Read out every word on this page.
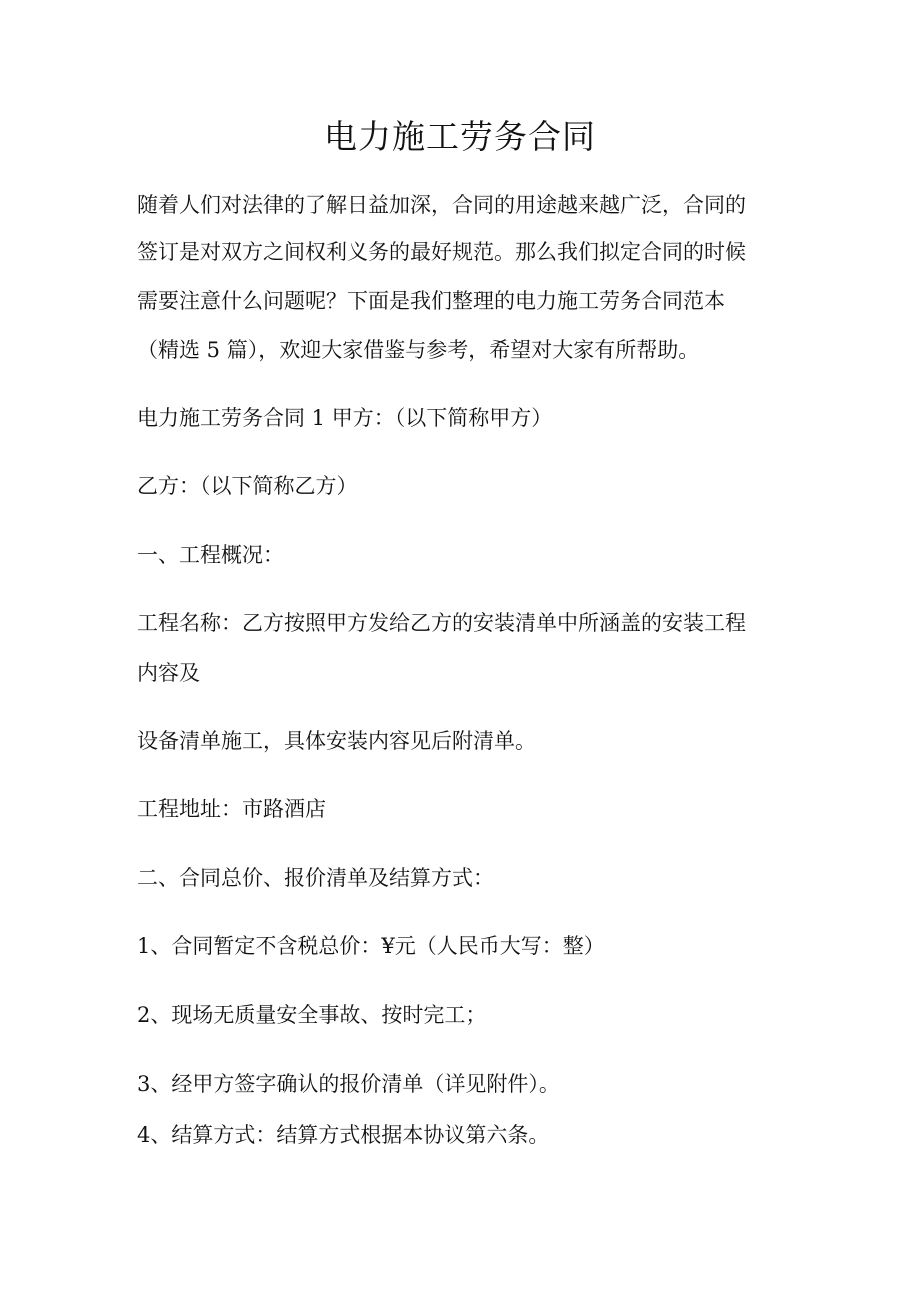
电力施工劳务合同

随着人们对法律的了解日益加深，合同的用途越来越广泛，合同的

签订是对双方之间权利义务的最好规范。那么我们拟定合同的时候

需要注意什么问题呢？下面是我们整理的电力施工劳务合同范本

（精选 5 篇），欢迎大家借鉴与参考，希望对大家有所帮助。

电力施工劳务合同 1 甲方：（以下简称甲方）

乙方：（以下简称乙方）

一、工程概况：

工程名称：乙方按照甲方发给乙方的安装清单中所涵盖的安装工程

内容及

设备清单施工，具体安装内容见后附清单。

工程地址：市路酒店

二、合同总价、报价清单及结算方式：

1、合同暂定不含税总价：¥元（人民币大写：整）

2、现场无质量安全事故、按时完工；

3、经甲方签字确认的报价清单（详见附件）。

4、结算方式：结算方式根据本协议第六条。
